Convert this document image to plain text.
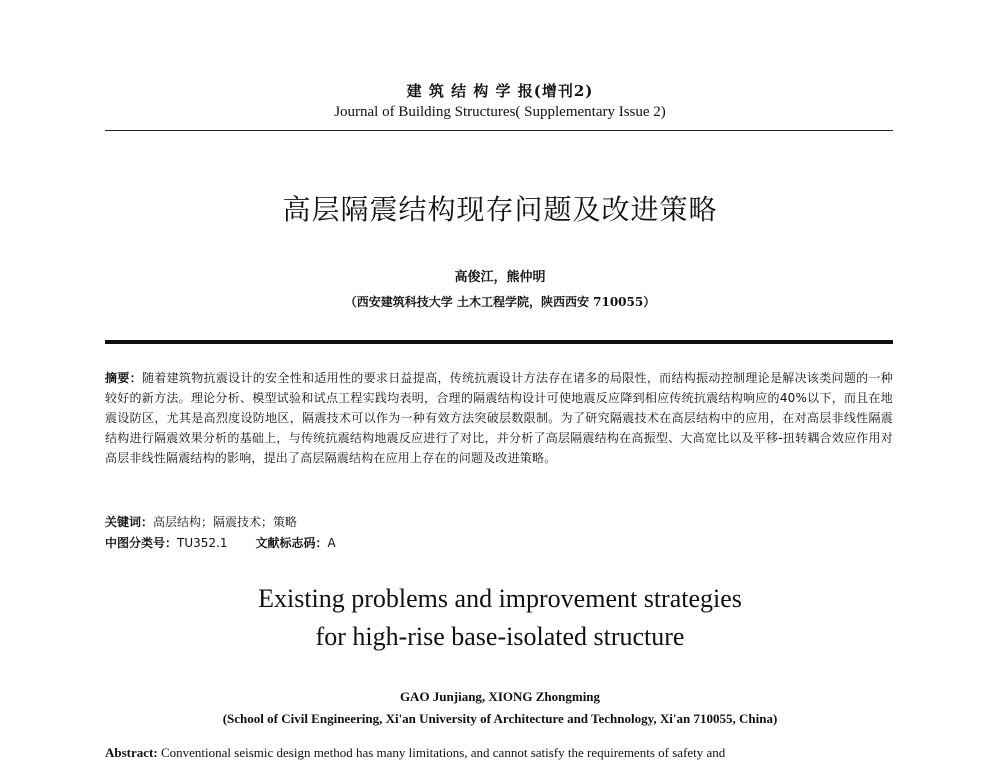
建 筑 结 构 学 报(增刊2)
Journal of Building Structures( Supplementary Issue 2)
高层隔震结构现存问题及改进策略
高俊江，熊仲明
（西安建筑科技大学 土木工程学院，陕西西安 710055）
摘要：随着建筑物抗震设计的安全性和适用性的要求日益提高，传统抗震设计方法存在诸多的局限性，而结构振动控制理论是解决该类问题的一种较好的新方法。理论分析、模型试验和试点工程实践均表明，合理的隔震结构设计可使地震反应降到相应传统抗震结构响应的40%以下，而且在地震设防区，尤其是高烈度设防地区，隔震技术可以作为一种有效方法突破层数限制。为了研究隔震技术在高层结构中的应用，在对高层非线性隔震结构进行隔震效果分析的基础上，与传统抗震结构地震反应进行了对比，并分析了高层隔震结构在高振型、大高宽比以及平移-扭转耦合效应作用对高层非线性隔震结构的影响，提出了高层隔震结构在应用上存在的问题及改进策略。
关键词：高层结构；隔震技术；策略
中图分类号：TU352.1 文献标志码：A
Existing problems and improvement strategies
for high-rise base-isolated structure
GAO Junjiang, XIONG Zhongming
(School of Civil Engineering, Xi'an University of Architecture and Technology, Xi'an 710055, China)
Abstract: Conventional seismic design method has many limitations, and cannot satisfy the requirements of safety and
